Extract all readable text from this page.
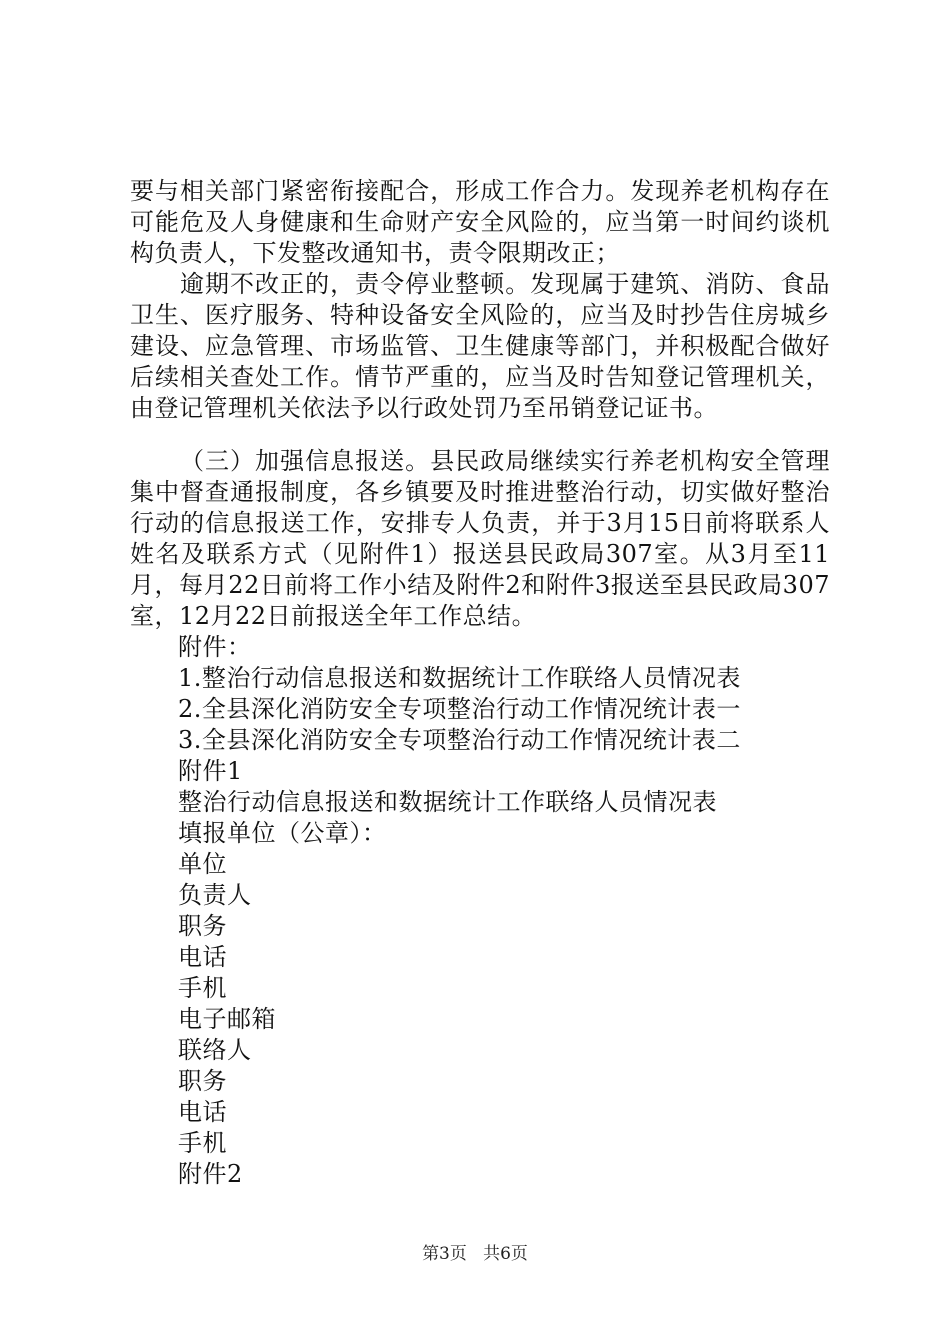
要与相关部门紧密衔接配合，形成工作合力。发现养老机构存在可能危及人身健康和生命财产安全风险的，应当第一时间约谈机构负责人，下发整改通知书，责令限期改正；

逾期不改正的，责令停业整顿。发现属于建筑、消防、食品卫生、医疗服务、特种设备安全风险的，应当及时抄告住房城乡建设、应急管理、市场监管、卫生健康等部门，并积极配合做好后续相关查处工作。情节严重的，应当及时告知登记管理机关，由登记管理机关依法予以行政处罚乃至吊销登记证书。

（三）加强信息报送。县民政局继续实行养老机构安全管理集中督查通报制度，各乡镇要及时推进整治行动，切实做好整治行动的信息报送工作，安排专人负责，并于3月15日前将联系人姓名及联系方式（见附件1）报送县民政局307室。从3月至11月，每月22日前将工作小结及附件2和附件3报送至县民政局307室，12月22日前报送全年工作总结。

附件：
1.整治行动信息报送和数据统计工作联络人员情况表
2.全县深化消防安全专项整治行动工作情况统计表一
3.全县深化消防安全专项整治行动工作情况统计表二
附件1
整治行动信息报送和数据统计工作联络人员情况表
填报单位（公章）：
单位
负责人
职务
电话
手机
电子邮箱
联络人
职务
电话
手机
附件2
第3页 共6页
